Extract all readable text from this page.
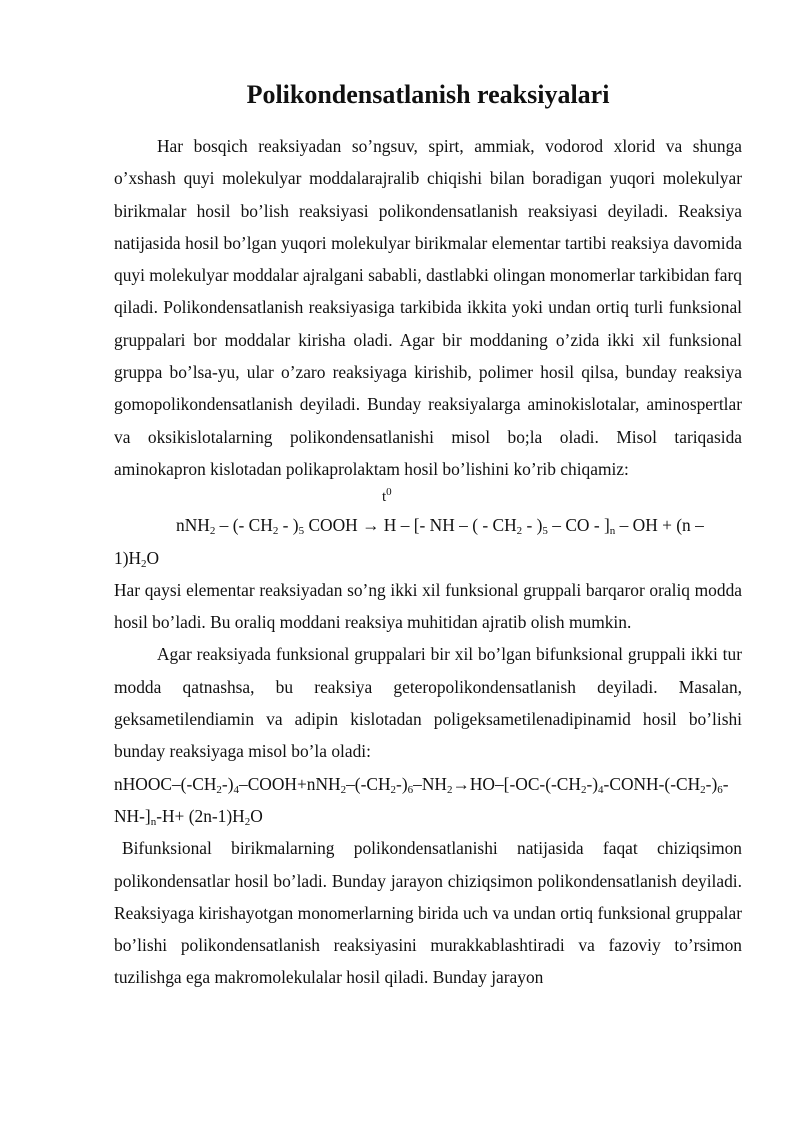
Polikondensatlanish reaksiyalari

Har bosqich reaksiyadan so’ngsuv, spirt, ammiak, vodorod xlorid va shunga o’xshash quyi molekulyar moddalarajralib chiqishi bilan boradigan yuqori molekulyar birikmalar hosil bo’lish reaksiyasi polikondensatlanish reaksiyasi deyiladi. Reaksiya natijasida hosil bo’lgan yuqori molekulyar birikmalar elementar tartibi reaksiya davomida quyi molekulyar moddalar ajralgani sababli, dastlabki olingan monomerlar tarkibidan farq qiladi. Polikondensatlanish reaksiyasiga tarkibida ikkita yoki undan ortiq turli funksional gruppalari bor moddalar kirisha oladi. Agar bir moddaning o’zida ikki xil funksional gruppa bo’lsa-yu, ular o’zaro reaksiyaga kirishib, polimer hosil qilsa, bunday reaksiya gomopolikondensatlanish deyiladi. Bunday reaksiyalarga aminokislotalar, aminospertlar va oksikislotalarning polikondensatlanishi misol bo;la oladi. Misol tariqasida aminokapron kislotadan polikaprolaktam hosil bo’lishini ko’rib chiqamiz:

$t^0$

nNH$_2$ – (- $CH_2 - )_5$ COOH → H – [- NH – ( - $CH_2 - )_5$ – CO - ]$_n$ – OH + $(n - 1)H_2O$

Har qaysi elementar reaksiyadan so’ng ikki xil funksional gruppali barqaror oraliq modda hosil bo’ladi. Bu oraliq moddani reaksiya muhitidan ajratib olish mumkin.

Agar reaksiyada funksional gruppalari bir xil bo’lgan bifunksional gruppali ikki tur modda qatnashsa, bu reaksiya geteropolikondensatlanish deyiladi. Masalan, geksametilendiamin va adipin kislotadan poligeksametilenadipinamid hosil bo’lishi bunday reaksiyaga misol bo’la oladi:

nHOOC–$(-CH_2-)_4-COOH+nNH_2-(-CH_2-)_6-NH_2\to HO-[-OC-(-CH_2-)_4-CONH-(-CH_2-)_6-NH-]_n-H+ (2n-1)H_2O$

Bifunksional birikmalarning polikondensatlanishi natijasida faqat chiziqsimon polikondensatlar hosil bo’ladi. Bunday jarayon chiziqsimon polikondensatlanish deyiladi. Reaksiyaga kirishayotgan monomerlarning birida uch va undan ortiq funksional gruppalar bo’lishi polikondensatlanish reaksiyasini murakkablashtiradi va fazoviy to’rsimon tuzilishga ega makromolekulalar hosil qiladi. Bunday jarayon
